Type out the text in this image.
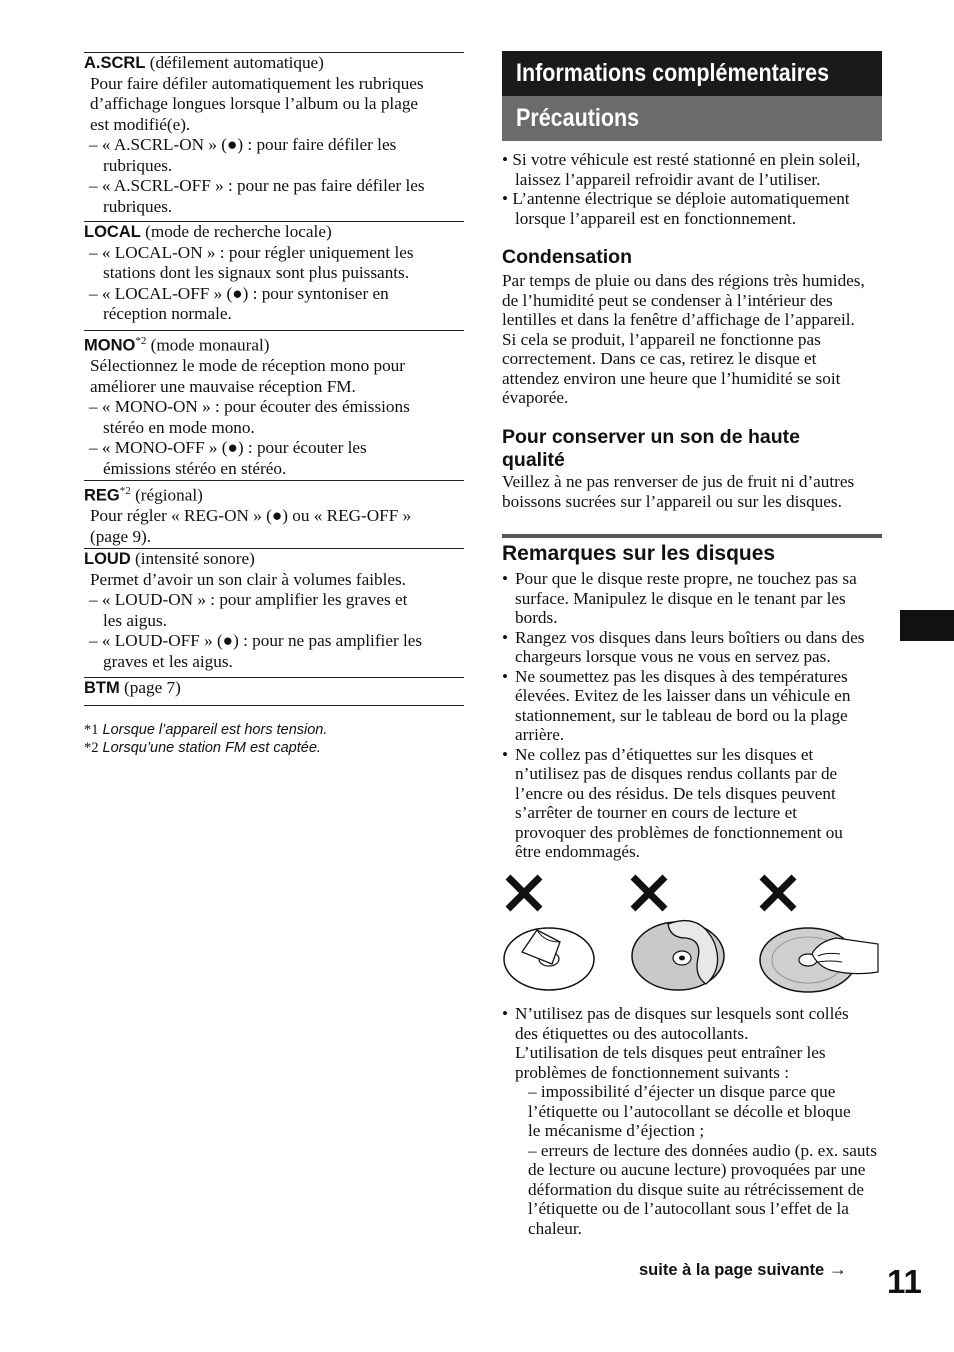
A.SCRL (défilement automatique)
Pour faire défiler automatiquement les rubriques
d’affichage longues lorsque l’album ou la plage
est modifié(e).
– « A.SCRL-ON » (●) : pour faire défiler les
rubriques.
– « A.SCRL-OFF » : pour ne pas faire défiler les
rubriques.
LOCAL (mode de recherche locale)
– « LOCAL-ON » : pour régler uniquement les
stations dont les signaux sont plus puissants.
– « LOCAL-OFF » (●) : pour syntoniser en
réception normale.
MONO$^{*2}$ (mode monaural)
Sélectionnez le mode de réception mono pour
améliorer une mauvaise réception FM.
– « MONO-ON » : pour écouter des émissions
stéréo en mode mono.
– « MONO-OFF » (●) : pour écouter les
émissions stéréo en stéréo.
REG$^{*2}$ (régional)
Pour régler « REG-ON » (●) ou « REG-OFF »
(page 9).
LOUD (intensité sonore)
Permet d’avoir un son clair à volumes faibles.
– « LOUD-ON » : pour amplifier les graves et
les aigus.
– « LOUD-OFF » (●) : pour ne pas amplifier les
graves et les aigus.
BTM (page 7)
*1 Lorsque l’appareil est hors tension.
*2 Lorsqu’une station FM est captée.
Informations complémentaires
Précautions
• Si votre véhicule est resté stationné en plein soleil,
laissez l’appareil refroidir avant de l’utiliser.
• L’antenne électrique se déploie automatiquement
lorsque l’appareil est en fonctionnement.
Condensation
Par temps de pluie ou dans des régions très humides,
de l’humidité peut se condenser à l’intérieur des
lentilles et dans la fenêtre d’affichage de l’appareil.
Si cela se produit, l’appareil ne fonctionne pas
correctement. Dans ce cas, retirez le disque et
attendez environ une heure que l’humidité se soit
évaporée.
Pour conserver un son de haute
qualité
Veillez à ne pas renverser de jus de fruit ni d’autres
boissons sucrées sur l’appareil ou sur les disques.
Remarques sur les disques
• Pour que le disque reste propre, ne touchez pas sa
surface. Manipulez le disque en le tenant par les
bords.
• Rangez vos disques dans leurs boîtiers ou dans des
chargeurs lorsque vous ne vous en servez pas.
• Ne soumettez pas les disques à des températures
élevées. Evitez de les laisser dans un véhicule en
stationnement, sur le tableau de bord ou la plage
arrière.
• Ne collez pas d’étiquettes sur les disques et
n’utilisez pas de disques rendus collants par de
l’encre ou des résidus. De tels disques peuvent
s’arrêter de tourner en cours de lecture et
provoquer des problèmes de fonctionnement ou
être endommagés.
• N’utilisez pas de disques sur lesquels sont collés
des étiquettes ou des autocollants.
L’utilisation de tels disques peut entraîner les
problèmes de fonctionnement suivants :
– impossibilité d’éjecter un disque parce que
l’étiquette ou l’autocollant se décolle et bloque
le mécanisme d’éjection ;
– erreurs de lecture des données audio (p. ex. sauts
de lecture ou aucune lecture) provoquées par une
déformation du disque suite au rétrécissement de
l’étiquette ou de l’autocollant sous l’effet de la
chaleur.
suite à la page suivante → 11
